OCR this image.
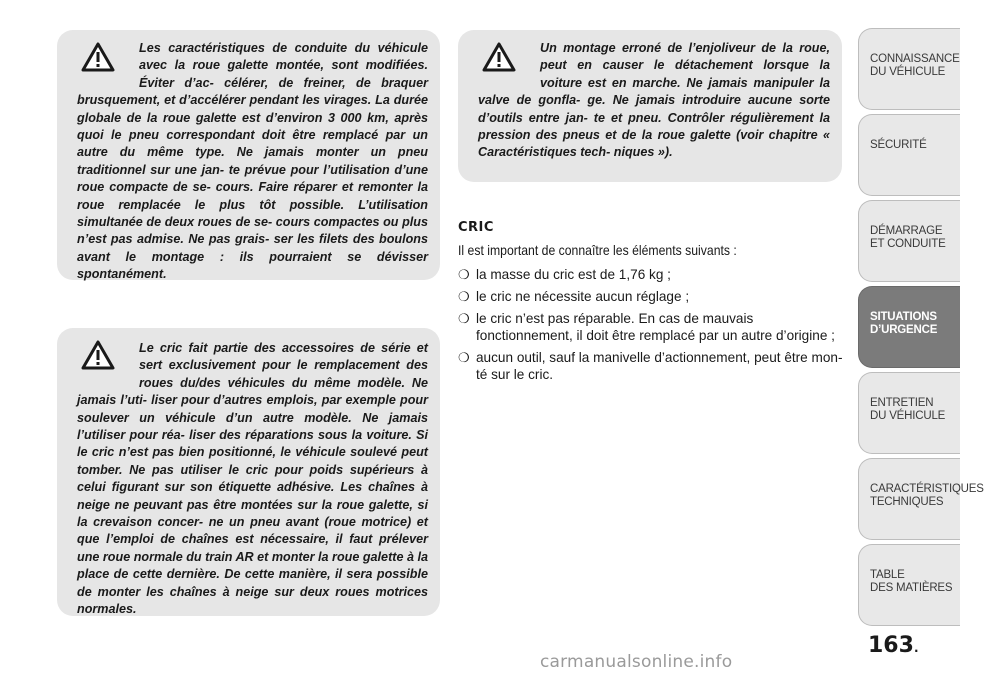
Les caractéristiques de conduite du véhicule avec la roue galette montée, sont modifiées. Éviter d’ac- célérer, de freiner, de braquer brusquement, et d’accélérer pendant les virages. La durée globale de la roue galette est d’environ 3 000 km, après quoi le pneu correspondant doit être remplacé par un autre du même type. Ne jamais monter un pneu traditionnel sur une jan- te prévue pour l’utilisation d’une roue compacte de se- cours. Faire réparer et remonter la roue remplacée le plus tôt possible. L’utilisation simultanée de deux roues de se- cours compactes ou plus n’est pas admise. Ne pas grais- ser les filets des boulons avant le montage : ils pourraient se dévisser spontanément.

Le cric fait partie des accessoires de série et sert exclusivement pour le remplacement des roues du/des véhicules du même modèle. Ne jamais l’uti- liser pour d’autres emplois, par exemple pour soulever un véhicule d’un autre modèle. Ne jamais l’utiliser pour réa- liser des réparations sous la voiture. Si le cric n’est pas bien positionné, le véhicule soulevé peut tomber. Ne pas utiliser le cric pour poids supérieurs à celui figurant sur son étiquette adhésive. Les chaînes à neige ne peuvant pas être montées sur la roue galette, si la crevaison concer- ne un pneu avant (roue motrice) et que l’emploi de chaînes est nécessaire, il faut prélever une roue normale du train AR et monter la roue galette à la place de cette dernière. De cette manière, il sera possible de monter les chaînes à neige sur deux roues motrices normales.

Un montage erroné de l’enjoliveur de la roue, peut en causer le détachement lorsque la voiture est en marche. Ne jamais manipuler la valve de gonfla- ge. Ne jamais introduire aucune sorte d’outils entre jan- te et pneu. Contrôler régulièrement la pression des pneus et de la roue galette (voir chapitre « Caractéristiques tech- niques »).

CRIC

Il est important de connaître les éléments suivants :

❍ la masse du cric est de 1,76 kg ;
❍ le cric ne nécessite aucun réglage ;
❍ le cric n’est pas réparable. En cas de mauvais fonctionnement, il doit être remplacé par un autre d’origine ;
❍ aucun outil, sauf la manivelle d’actionnement, peut être mon- té sur le cric.
CONNAISSANCE
DU VÉHICULE
SÉCURITÉ
DÉMARRAGE
ET CONDUITE
SITUATIONS
D’URGENCE
ENTRETIEN
DU VÉHICULE
CARACTÉRISTIQUES
TECHNIQUES
TABLE
DES MATIÈRES
163.
carmanualsonline.info
